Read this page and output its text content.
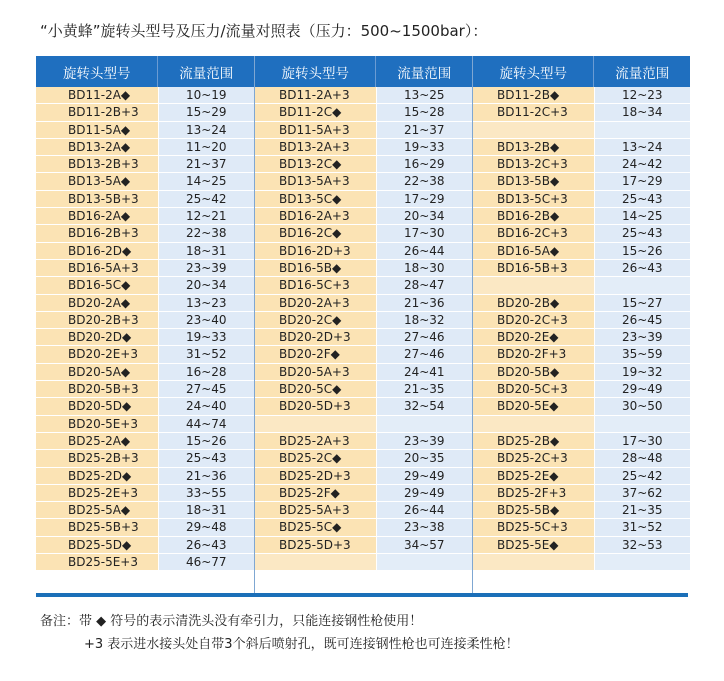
“小黄蜂”旋转头型号及压力/流量对照表（压力：500~1500bar）：
旋转头型号	流量范围
BD11-2A◆	10~19
BD11-2B+3	15~29
BD11-5A◆	13~24
BD13-2A◆	11~20
BD13-2B+3	21~37
BD13-5A◆	14~25
BD13-5B+3	25~42
BD16-2A◆	12~21
BD16-2B+3	22~38
BD16-2D◆	18~31
BD16-5A+3	23~39
BD16-5C◆	20~34
BD20-2A◆	13~23
BD20-2B+3	23~40
BD20-2D◆	19~33
BD20-2E+3	31~52
BD20-5A◆	16~28
BD20-5B+3	27~45
BD20-5D◆	24~40
BD20-5E+3	44~74
BD25-2A◆	15~26
BD25-2B+3	25~43
BD25-2D◆	21~36
BD25-2E+3	33~55
BD25-5A◆	18~31
BD25-5B+3	29~48
BD25-5D◆	26~43
BD25-5E+3	46~77
旋转头型号	流量范围
BD11-2A+3	13~25
BD11-2C◆	15~28
BD11-5A+3	21~37
BD13-2A+3	19~33
BD13-2C◆	16~29
BD13-5A+3	22~38
BD13-5C◆	17~29
BD16-2A+3	20~34
BD16-2C◆	17~30
BD16-2D+3	26~44
BD16-5B◆	18~30
BD16-5C+3	28~47
BD20-2A+3	21~36
BD20-2C◆	18~32
BD20-2D+3	27~46
BD20-2F◆	27~46
BD20-5A+3	24~41
BD20-5C◆	21~35
BD20-5D+3	32~54
BD25-2A+3	23~39
BD25-2C◆	20~35
BD25-2D+3	29~49
BD25-2F◆	29~49
BD25-5A+3	26~44
BD25-5C◆	23~38
BD25-5D+3	34~57
旋转头型号	流量范围
BD11-2B◆	12~23
BD11-2C+3	18~34
BD13-2B◆	13~24
BD13-2C+3	24~42
BD13-5B◆	17~29
BD13-5C+3	25~43
BD16-2B◆	14~25
BD16-2C+3	25~43
BD16-5A◆	15~26
BD16-5B+3	26~43
BD20-2B◆	15~27
BD20-2C+3	26~45
BD20-2E◆	23~39
BD20-2F+3	35~59
BD20-5B◆	19~32
BD20-5C+3	29~49
BD20-5E◆	30~50
BD25-2B◆	17~30
BD25-2C+3	28~48
BD25-2E◆	25~42
BD25-2F+3	37~62
BD25-5B◆	21~35
BD25-5C+3	31~52
BD25-5E◆	32~53
备注：带 ◆ 符号的表示清洗头没有牵引力，只能连接钢性枪使用！
+3 表示进水接头处自带3个斜后喷射孔，既可连接钢性枪也可连接柔性枪！
